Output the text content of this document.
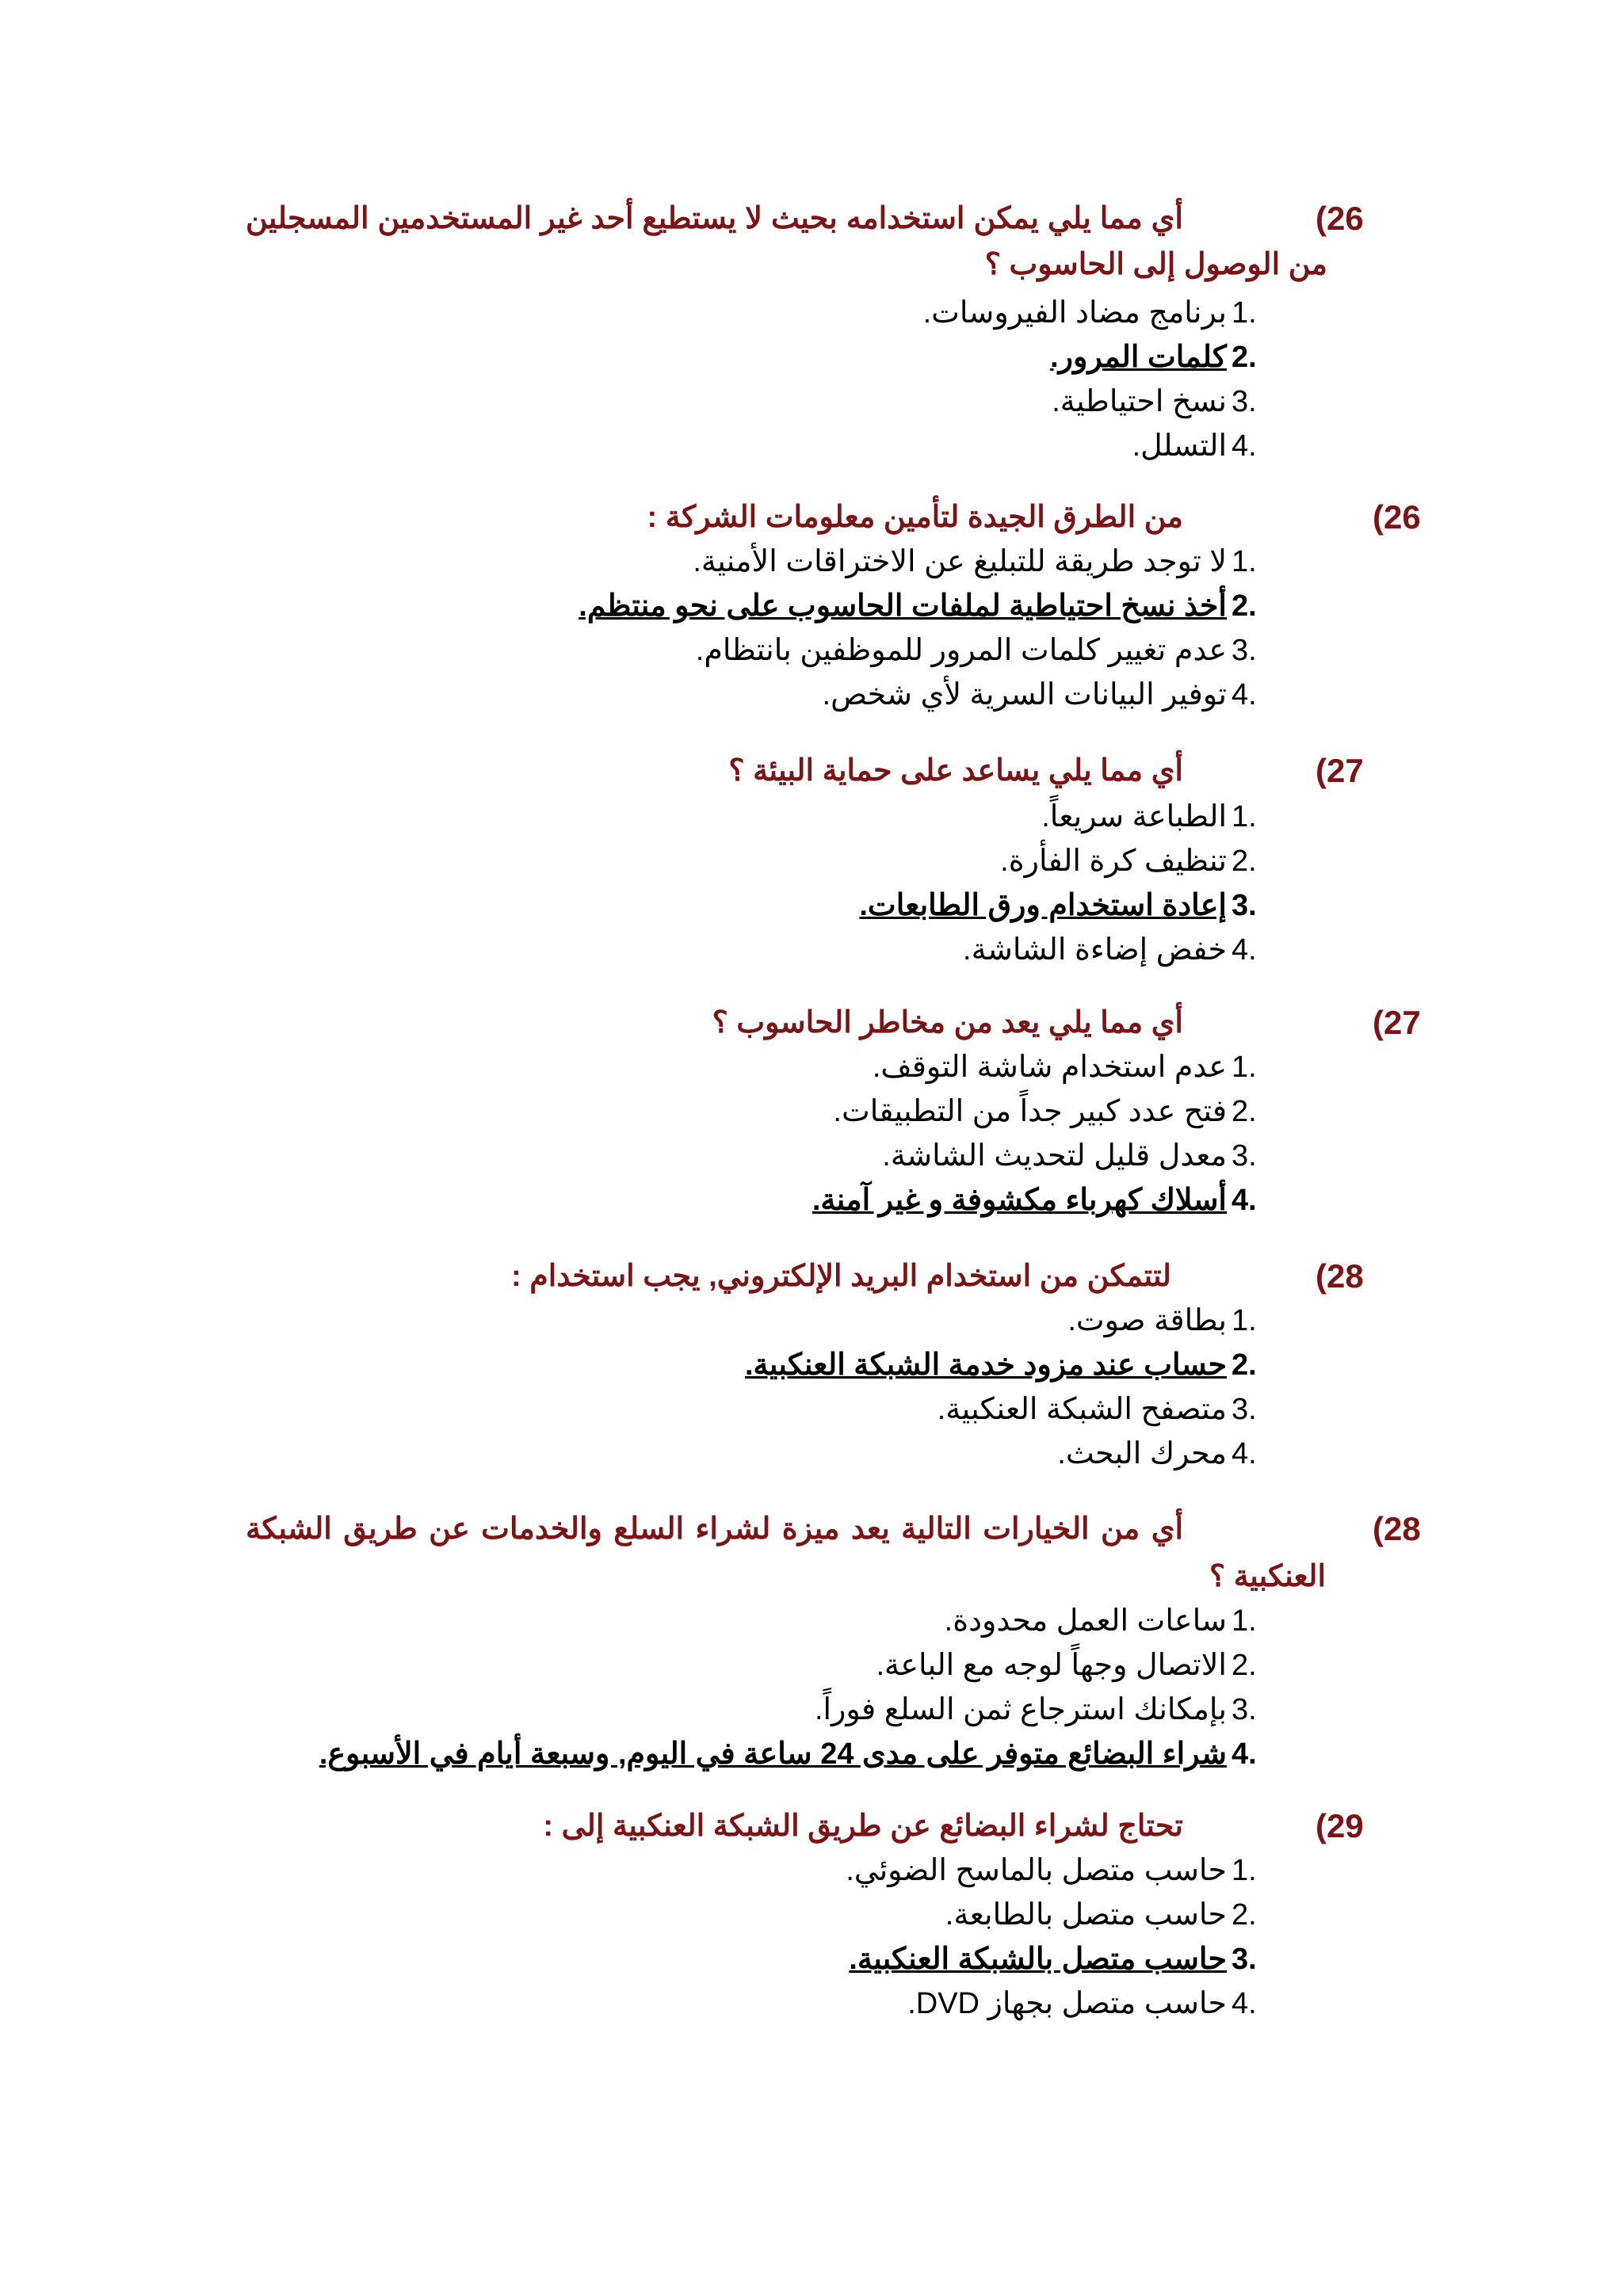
(26
أي مما يلي يمكن استخدامه بحيث لا يستطيع أحد غير المستخدمين المسجلين
من الوصول إلى الحاسوب ؟
1.
برنامج مضاد الفيروسات.
2.
كلمات المرور.
3.
نسخ احتياطية.
4.
التسلل.
(26
من الطرق الجيدة لتأمين معلومات الشركة :
1.
لا توجد طريقة للتبليغ عن الاختراقات الأمنية.
2.
أخذ نسخ احتياطية لملفات الحاسوب على نحو منتظم.
3.
عدم تغيير كلمات المرور للموظفين بانتظام.
4.
توفير البيانات السرية لأي شخص.
(27
أي مما يلي يساعد على حماية البيئة ؟
1.
الطباعة سريعاً.
2.
تنظيف كرة الفأرة.
3.
إعادة استخدام ورق الطابعات.
4.
خفض إضاءة الشاشة.
(27
أي مما يلي يعد من مخاطر الحاسوب ؟
1.
عدم استخدام شاشة التوقف.
2.
فتح عدد كبير جداً من التطبيقات.
3.
معدل قليل لتحديث الشاشة.
4.
أسلاك كهرباء مكشوفة و غير آمنة.
(28
لتتمكن من استخدام البريد الإلكتروني, يجب استخدام :
1.
بطاقة صوت.
2.
حساب عند مزود خدمة الشبكة العنكبية.
3.
متصفح الشبكة العنكبية.
4.
محرك البحث.
(28
أي من الخيارات التالية يعد ميزة لشراء السلع والخدمات عن طريق الشبكة
العنكبية ؟
1.
ساعات العمل محدودة.
2.
الاتصال وجهاً لوجه مع الباعة.
3.
بإمكانك استرجاع ثمن السلع فوراً.
4.
شراء البضائع متوفر على مدى 24 ساعة في اليوم, وسبعة أيام في الأسبوع.
(29
تحتاج لشراء البضائع عن طريق الشبكة العنكبية إلى :
1.
حاسب متصل بالماسح الضوئي.
2.
حاسب متصل بالطابعة.
3.
حاسب متصل بالشبكة العنكبية.
4.
حاسب متصل بجهاز DVD.
